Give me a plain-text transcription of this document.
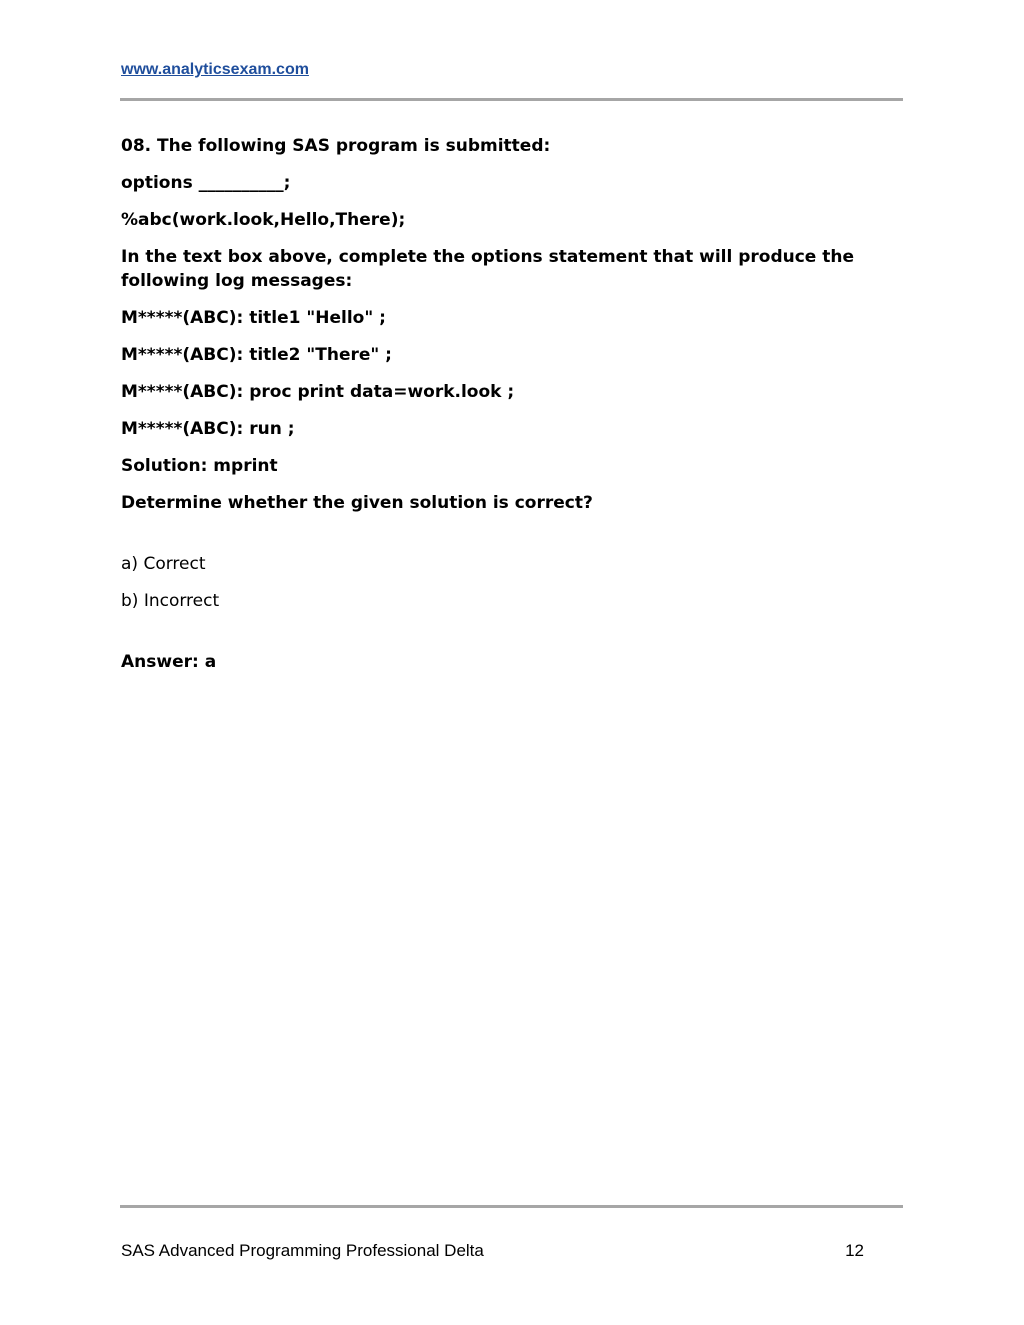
www.analyticsexam.com

08. The following SAS program is submitted:

options __________;

%abc(work.look,Hello,There);

In the text box above, complete the options statement that will produce the following log messages:

M*****(ABC): title1 "Hello" ;

M*****(ABC): title2 "There" ;

M*****(ABC): proc print data=work.look ;

M*****(ABC): run ;

Solution: mprint

Determine whether the given solution is correct?

a) Correct

b) Incorrect

Answer: a

SAS Advanced Programming Professional Delta	12
